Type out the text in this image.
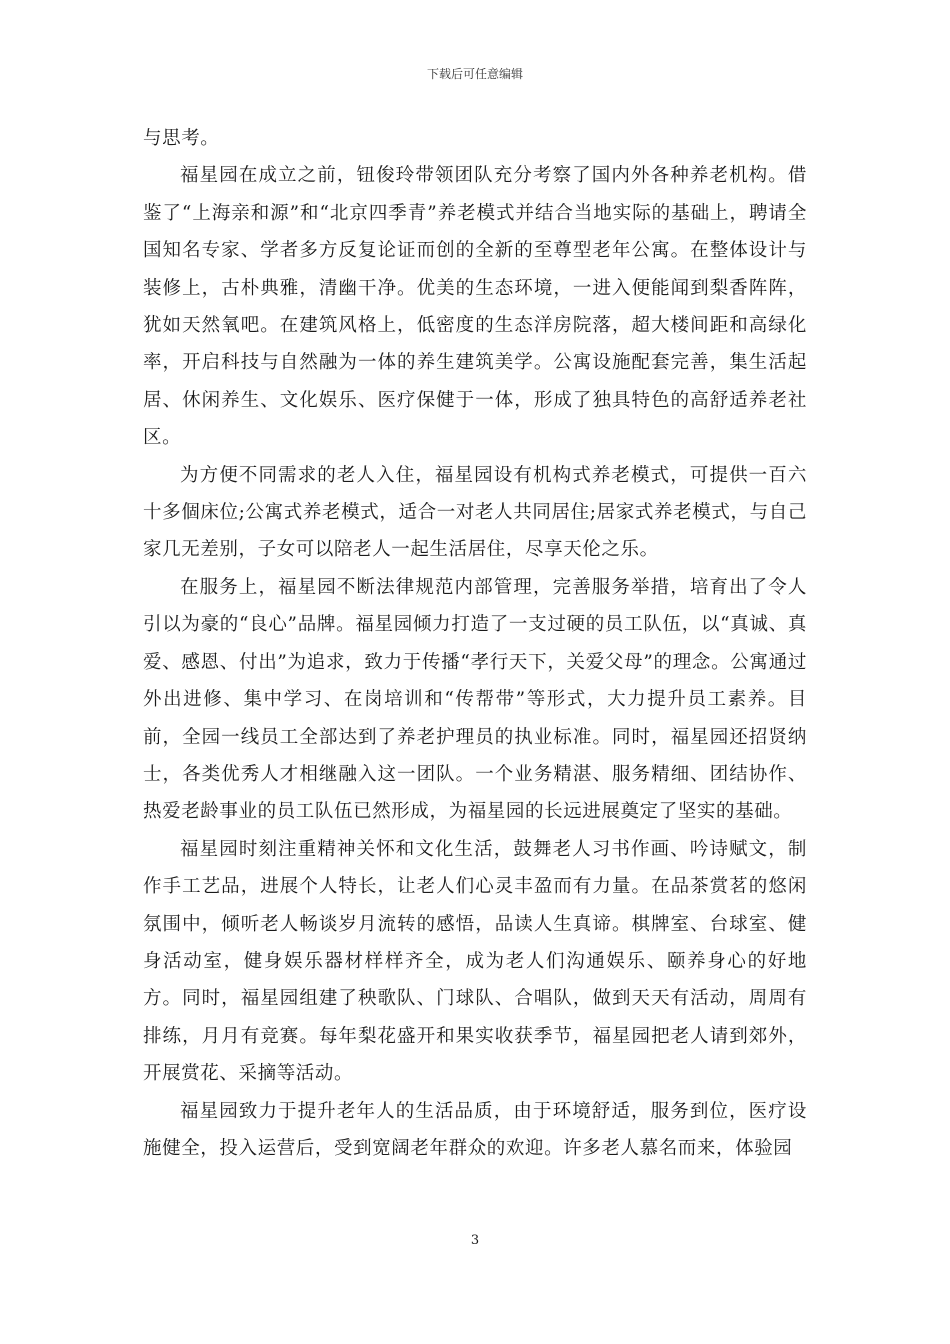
下载后可任意编辑

与思考。

福星园在成立之前，钮俊玲带领团队充分考察了国内外各种养老机构。借鉴了“上海亲和源”和“北京四季青”养老模式并结合当地实际的基础上，聘请全国知名专家、学者多方反复论证而创的全新的至尊型老年公寓。在整体设计与装修上，古朴典雅，清幽干净。优美的生态环境，一进入便能闻到梨香阵阵，犹如天然氧吧。在建筑风格上，低密度的生态洋房院落，超大楼间距和高绿化率，开启科技与自然融为一体的养生建筑美学。公寓设施配套完善，集生活起居、休闲养生、文化娱乐、医疗保健于一体，形成了独具特色的高舒适养老社区。

为方便不同需求的老人入住，福星园设有机构式养老模式，可提供一百六十多個床位;公寓式养老模式，适合一对老人共同居住;居家式养老模式，与自己家几无差别，子女可以陪老人一起生活居住，尽享天伦之乐。

在服务上，福星园不断法律规范内部管理，完善服务举措，培育出了令人引以为豪的“良心”品牌。福星园倾力打造了一支过硬的员工队伍，以“真诚、真爱、感恩、付出”为追求，致力于传播“孝行天下，关爱父母”的理念。公寓通过外出进修、集中学习、在岗培训和“传帮带”等形式，大力提升员工素养。目前，全园一线员工全部达到了养老护理员的执业标准。同时，福星园还招贤纳士，各类优秀人才相继融入这一团队。一个业务精湛、服务精细、团结协作、热爱老龄事业的员工队伍已然形成，为福星园的长远进展奠定了坚实的基础。

福星园时刻注重精神关怀和文化生活，鼓舞老人习书作画、吟诗赋文，制作手工艺品，进展个人特长，让老人们心灵丰盈而有力量。在品茶赏茗的悠闲氛围中，倾听老人畅谈岁月流转的感悟，品读人生真谛。棋牌室、台球室、健身活动室，健身娱乐器材样样齐全，成为老人们沟通娱乐、颐养身心的好地方。同时，福星园组建了秧歌队、门球队、合唱队，做到天天有活动，周周有排练，月月有竞赛。每年梨花盛开和果实收获季节，福星园把老人请到郊外，开展赏花、采摘等活动。

福星园致力于提升老年人的生活品质，由于环境舒适，服务到位，医疗设施健全，投入运营后，受到宽阔老年群众的欢迎。许多老人慕名而来，体验园

3
